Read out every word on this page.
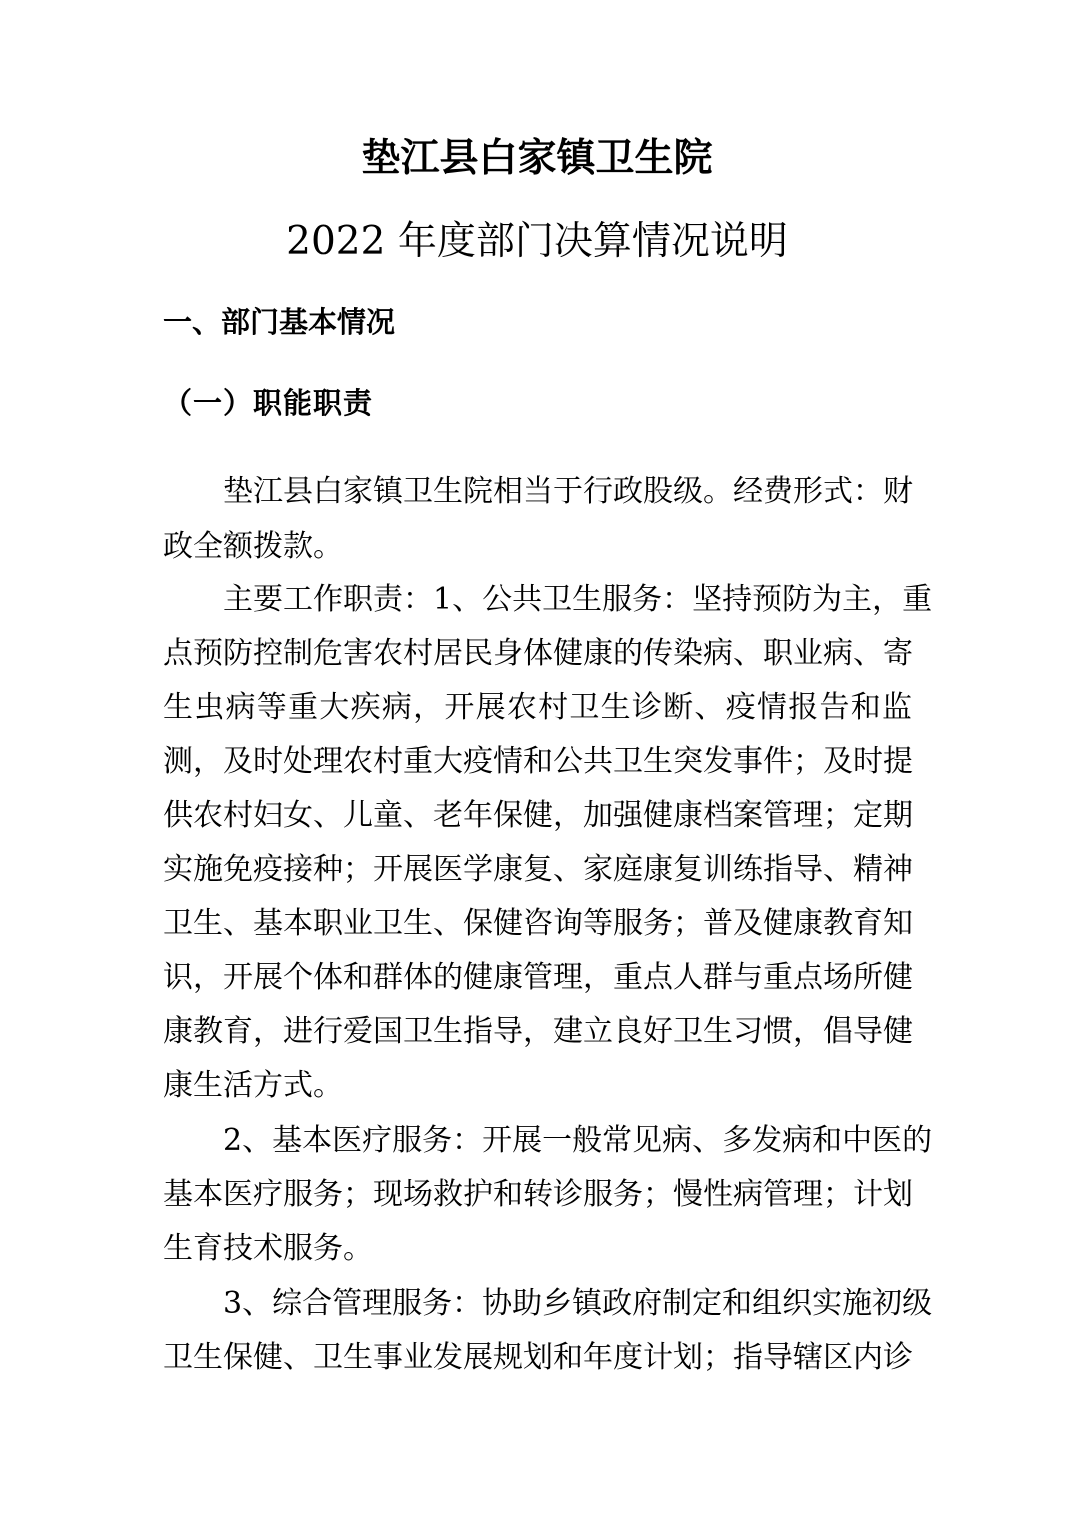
垫江县白家镇卫生院
2022 年度部门决算情况说明
一、部门基本情况
（一）职能职责
垫江县白家镇卫生院相当于行政股级。经费形式：财
政全额拨款。
主要工作职责：1、公共卫生服务：坚持预防为主，重
点预防控制危害农村居民身体健康的传染病、职业病、寄
生虫病等重大疾病，开展农村卫生诊断、疫情报告和监
测，及时处理农村重大疫情和公共卫生突发事件；及时提
供农村妇女、儿童、老年保健，加强健康档案管理；定期
实施免疫接种；开展医学康复、家庭康复训练指导、精神
卫生、基本职业卫生、保健咨询等服务；普及健康教育知
识，开展个体和群体的健康管理，重点人群与重点场所健
康教育，进行爱国卫生指导，建立良好卫生习惯，倡导健
康生活方式。
2、基本医疗服务：开展一般常见病、多发病和中医的
基本医疗服务；现场救护和转诊服务；慢性病管理；计划
生育技术服务。
3、综合管理服务：协助乡镇政府制定和组织实施初级
卫生保健、卫生事业发展规划和年度计划；指导辖区内诊
